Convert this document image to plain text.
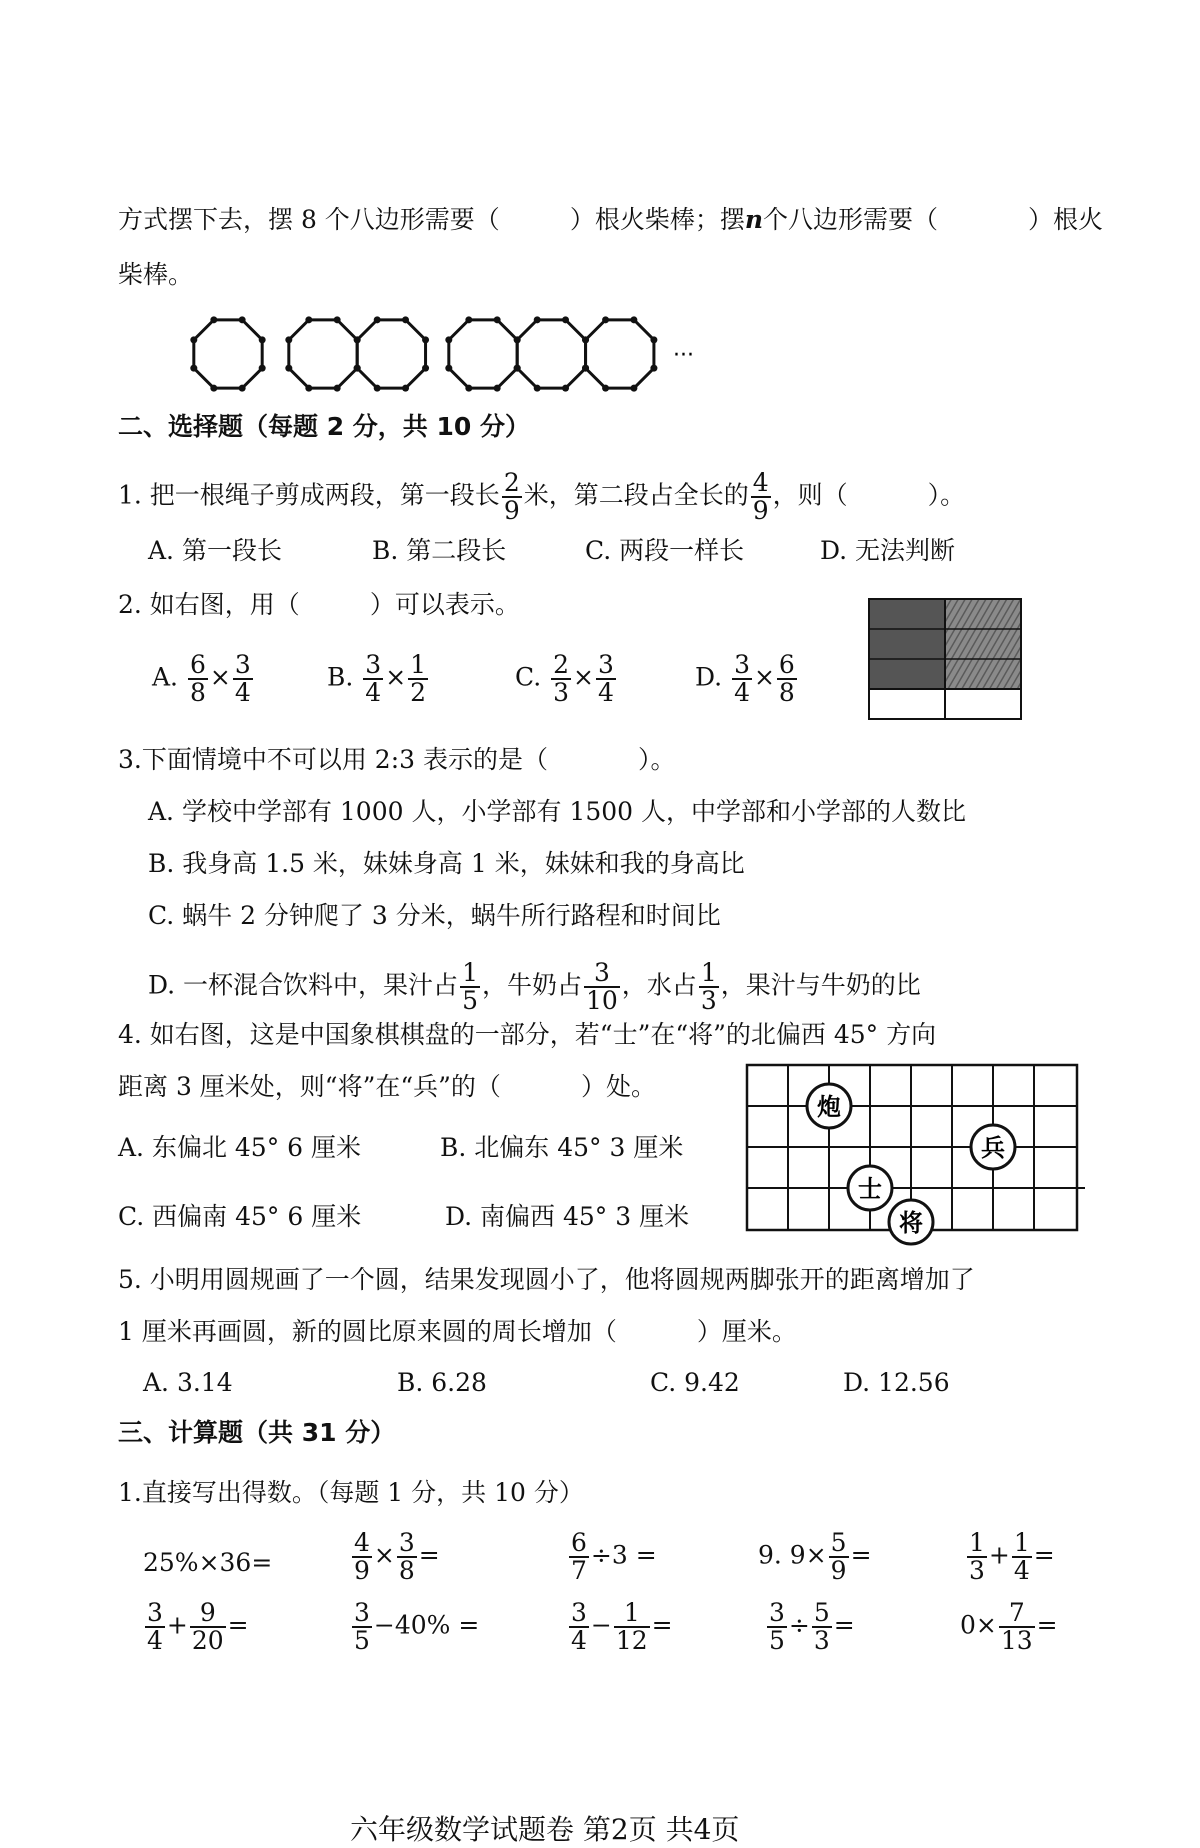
方式摆下去，摆 8 个八边形需要（	）根火柴棒；摆n个八边形需要（	）根火
柴棒。
···
二、选择题（每题 2 分，共 10 分）
1. 把一根绳子剪成两段，第一段长 $\frac{2}{9}$ 米，第二段占全长的 $\frac{4}{9}$ ，则（	）。
A. 第一段长	B. 第二段长	C. 两段一样长	D. 无法判断
2. 如右图，用（	）可以表示。
A. $\frac{6}{8} \times \frac{3}{4}$	B. $\frac{3}{4} \times \frac{1}{2}$	C. $\frac{2}{3} \times \frac{3}{4}$	D. $\frac{3}{4} \times \frac{6}{8}$
3.下面情境中不可以用 2:3 表示的是（	）。
A. 学校中学部有 1000 人，小学部有 1500 人，中学部和小学部的人数比
B. 我身高 1.5 米，妹妹身高 1 米，妹妹和我的身高比
C. 蜗牛 2 分钟爬了 3 分米，蜗牛所行路程和时间比
D. 一杯混合饮料中，果汁占 $\frac{1}{5}$ ，牛奶占 $\frac{3}{10}$ ，水占 $\frac{1}{3}$ ，果汁与牛奶的比
4. 如右图，这是中国象棋棋盘的一部分，若“士”在“将”的北偏西 45° 方向
距离 3 厘米处，则“将”在“兵”的（	）处。
A. 东偏北 45° 6 厘米	B. 北偏东 45° 3 厘米
C. 西偏南 45° 6 厘米	D. 南偏西 45° 3 厘米
炮
兵
士
将
5. 小明用圆规画了一个圆，结果发现圆小了，他将圆规两脚张开的距离增加了
1 厘米再画圆，新的圆比原来圆的周长增加（	）厘米。
A. 3.14	B. 6.28	C. 9.42	D. 12.56
三、计算题（共 31 分）
1.直接写出得数。（每题 1 分，共 10 分）
25%×36=	$\frac{4}{9} \times \frac{3}{8}$ =	$\frac{6}{7} \div 3$ =	9. $9\times \frac{5}{9}$ =	$\frac{1}{3} + \frac{1}{4}$ =
$\frac{3}{4} + \frac{9}{20}$ =	$\frac{3}{5} -40\%$ =	$\frac{3}{4} - \frac{1}{12}$ =	$\frac{3}{5} \div \frac{5}{3}$ =	$0\times \frac{7}{13}$ =
六年级数学试题卷 第2页 共4页
